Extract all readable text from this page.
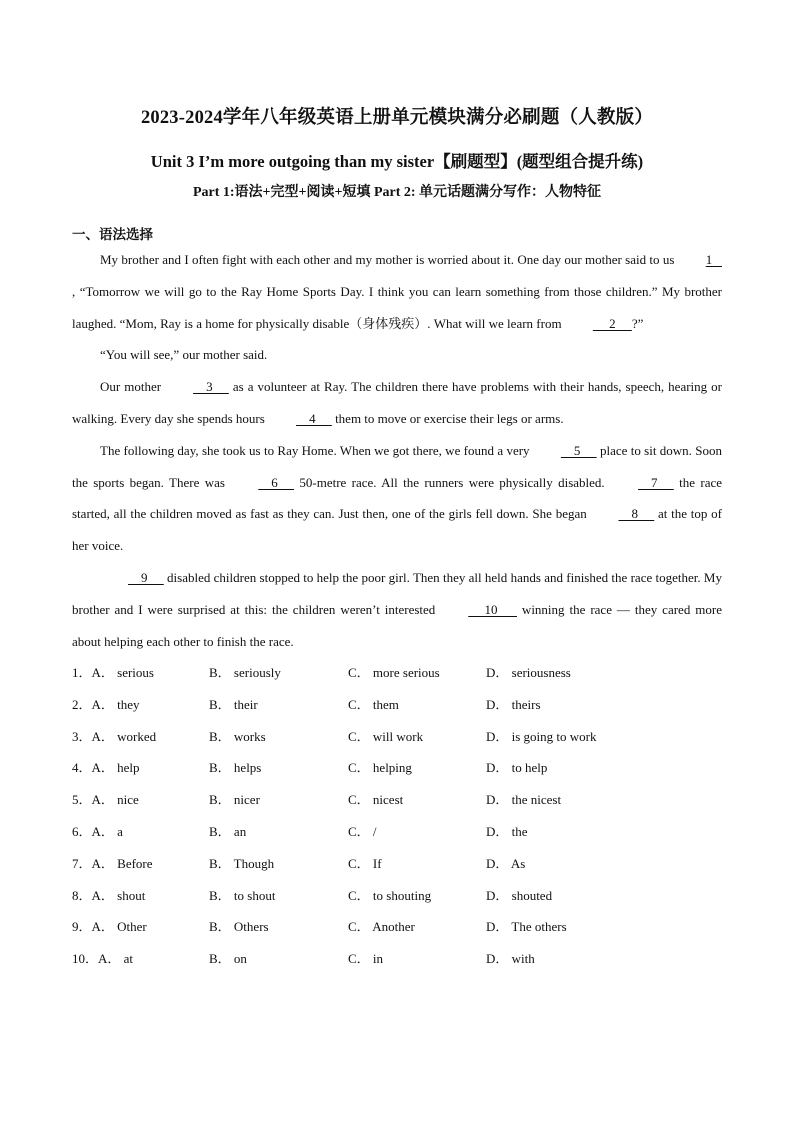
2023-2024学年八年级英语上册单元模块满分必刷题（人教版）
Unit 3 I’m more outgoing than my sister【刷题型】(题型组合提升练)
Part 1:语法+完型+阅读+短填 Part 2: 单元话题满分写作：人物特征
一、语法选择

My brother and I often fight with each other and my mother is worried about it. One day our mother said to us 1   , “Tomorrow we will go to the Ray Home Sports Day. I think you can learn something from those children.” My brother laughed. “Mom, Ray is a home for physically disable（身体残疾）. What will we learn from      2     ?”

“You will see,” our mother said.

Our mother     3      as a volunteer at Ray. The children there have problems with their hands, speech, hearing or walking. Every day she spends hours     4      them to move or exercise their legs or arms.

The following day, she took us to Ray Home. When we got there, we found a very     5      place to sit down. Soon the sports began. There was     6      50-metre race. All the runners were physically disabled.     7      the race started, all the children moved as fast as they can. Just then, one of the girls fell down. She began     8      at the top of her voice.

9      disabled children stopped to help the poor girl. Then they all held hands and finished the race together. My brother and I were surprised at this: the children weren’t interested      10       winning the race — they cared more about helping each other to finish the race.

1．A． serious	B． seriously	C． more serious	D． seriousness
2．A． they	B． their	C． them	D． theirs
3．A． worked	B． works	C． will work	D． is going to work
4．A． help	B． helps	C． helping	D． to help
5．A． nice	B． nicer	C． nicest	D． the nicest
6．A． a	B． an	C． /	D． the
7．A． Before	B． Though	C． If	D． As
8．A． shout	B． to shout	C． to shouting	D． shouted
9．A． Other	B． Others	C． Another	D． The others
10．A． at	B． on	C． in	D． with
